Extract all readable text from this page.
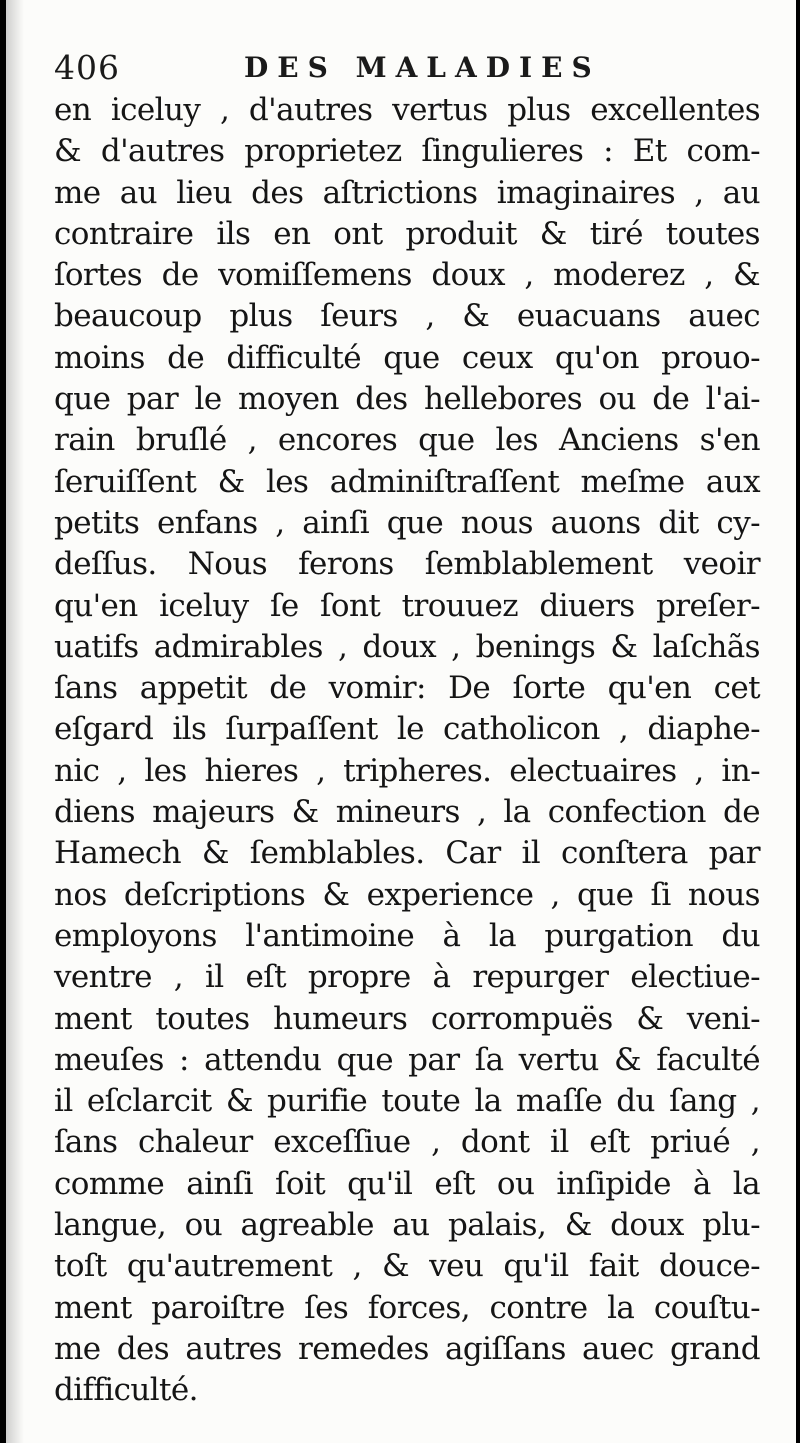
406	DES MALADIES
en iceluy , d'autres vertus plus excellentes
& d'autres proprietez ſingulieres : Et com-
me au lieu des aſtrictions imaginaires , au
contraire ils en ont produit & tiré toutes
ſortes de vomiſſemens doux , moderez , &
beaucoup plus ſeurs , & euacuans auec
moins de difficulté que ceux qu'on prouo-
que par le moyen des hellebores ou de l'ai-
rain bruſlé , encores que les Anciens s'en
ſeruiſſent & les adminiſtraſſent meſme aux
petits enfans , ainſi que nous auons dit cy-
deſſus. Nous ferons ſemblablement veoir
qu'en iceluy ſe ſont trouuez diuers preſer-
uatifs admirables , doux , benings & laſchãs
ſans appetit de vomir: De ſorte qu'en cet
eſgard ils ſurpaſſent le catholicon , diaphe-
nic , les hieres , tripheres. electuaires , in-
diens majeurs & mineurs , la confection de
Hamech & ſemblables. Car il conſtera par
nos deſcriptions & experience , que ſi nous
employons l'antimoine à la purgation du
ventre , il eſt propre à repurger electiue-
ment toutes humeurs corrompuës & veni-
meuſes : attendu que par ſa vertu & faculté
il eſclarcit & purifie toute la maſſe du ſang ,
ſans chaleur exceſſiue , dont il eſt priué ,
comme ainſi ſoit qu'il eſt ou inſipide à la
langue, ou agreable au palais, & doux plu-
toſt qu'autrement , & veu qu'il fait douce-
ment paroiſtre ſes forces, contre la couſtu-
me des autres remedes agiſſans auec grand
difficulté.
